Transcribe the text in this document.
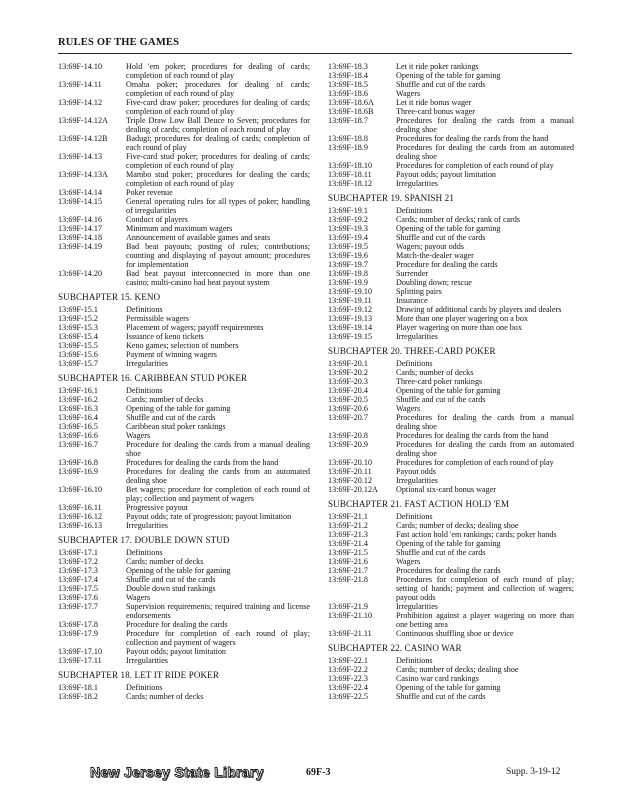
RULES OF THE GAMES
13:69F-14.10	Hold 'em poker; procedures for dealing of cards; completion of each round of play
13:69F-14.11	Omaha poker; procedures for dealing of cards; completion of each round of play
13:69F-14.12	Five-card draw poker; procedures for dealing of cards; completion of each round of play
13:69F-14.12A	Triple Draw Low Ball Deuce to Seven; procedures for dealing of cards; completion of each round of play
13:69F-14.12B	Badugi; procedures for dealing of cards; completion of each round of play
13:69F-14.13	Five-card stud poker; procedures for dealing of cards; completion of each round of play
13:69F-14.13A	Mambo stud poker; procedures for dealing the cards; completion of each round of play
13:69F-14.14	Poker revenue
13:69F-14.15	General operating rules for all types of poker; handling of irregularities
13:69F-14.16	Conduct of players
13:69F-14.17	Minimum and maximum wagers
13:69F-14.18	Announcement of available games and seats
13:69F-14.19	Bad beat payouts; posting of rules; contributions; counting and displaying of payout amount; procedures for implementation
13:69F-14.20	Bad beat payout interconnected in more than one casino; multi-casino bad beat payout system
SUBCHAPTER 15. KENO
13:69F-15.1	Definitions
13:69F-15.2	Permissible wagers
13:69F-15.3	Placement of wagers; payoff requirements
13:69F-15.4	Issuance of keno tickets
13:69F-15.5	Keno games; selection of numbers
13:69F-15.6	Payment of winning wagers
13:69F-15.7	Irregularities
SUBCHAPTER 16. CARIBBEAN STUD POKER
13:69F-16.1	Definitions
13:69F-16.2	Cards; number of decks
13:69F-16.3	Opening of the table for gaming
13:69F-16.4	Shuffle and cut of the cards
13:69F-16.5	Caribbean stud poker rankings
13:69F-16.6	Wagers
13:69F-16.7	Procedure for dealing the cards from a manual dealing shoe
13:69F-16.8	Procedures for dealing the cards from the hand
13:69F-16.9	Procedures for dealing the cards from an automated dealing shoe
13:69F-16.10	Bet wagers; procedure for completion of each round of play; collection and payment of wagers
13:69F-16.11	Progressive payout
13:69F-16.12	Payout odds; rate of progression; payout limitation
13:69F-16.13	Irregularities
SUBCHAPTER 17. DOUBLE DOWN STUD
13:69F-17.1	Definitions
13:69F-17.2	Cards; number of decks
13:69F-17.3	Opening of the table for gaming
13:69F-17.4	Shuffle and cut of the cards
13:69F-17.5	Double down stud rankings
13:69F-17.6	Wagers
13:69F-17.7	Supervision requirements; required training and license endorsements
13:69F-17.8	Procedure for dealing the cards
13:69F-17.9	Procedure for completion of each round of play; collection and payment of wagers
13:69F-17.10	Payout odds; payout limitation
13:69F-17.11	Irregularities
SUBCHAPTER 18. LET IT RIDE POKER
13:69F-18.1	Definitions
13:69F-18.2	Cards; number of decks
13:69F-18.3	Let it ride poker rankings
13:69F-18.4	Opening of the table for gaming
13:69F-18.5	Shuffle and cut of the cards
13:69F-18.6	Wagers
13:69F-18.6A	Let it ride bonus wager
13:69F-18.6B	Three-card bonus wager
13:69F-18.7	Procedures for dealing the cards from a manual dealing shoe
13:69F-18.8	Procedures for dealing the cards from the hand
13:69F-18.9	Procedures for dealing the cards from an automated dealing shoe
13:69F-18.10	Procedures for completion of each round of play
13:69F-18.11	Payout odds; payout limitation
13:69F-18.12	Irregularities
SUBCHAPTER 19. SPANISH 21
13:69F-19.1	Definitions
13:69F-19.2	Cards; number of decks; rank of cards
13:69F-19.3	Opening of the table for gaming
13:69F-19.4	Shuffle and cut of the cards
13:69F-19.5	Wagers; payout odds
13:69F-19.6	Match-the-dealer wager
13:69F-19.7	Procedure for dealing the cards
13:69F-19.8	Surrender
13:69F-19.9	Doubling down; rescue
13:69F-19.10	Splitting pairs
13:69F-19.11	Insurance
13:69F-19.12	Drawing of additional cards by players and dealers
13:69F-19.13	More than one player wagering on a box
13:69F-19.14	Player wagering on more than one box
13:69F-19.15	Irregularities
SUBCHAPTER 20. THREE-CARD POKER
13:69F-20.1	Definitions
13:69F-20.2	Cards; number of decks
13:69F-20.3	Three-card poker rankings
13:69F-20.4	Opening of the table for gaming
13:69F-20.5	Shuffle and cut of the cards
13:69F-20.6	Wagers
13:69F-20.7	Procedures for dealing the cards from a manual dealing shoe
13:69F-20.8	Procedures for dealing the cards from the hand
13:69F-20.9	Procedures for dealing the cards from an automated dealing shoe
13:69F-20.10	Procedures for completion of each round of play
13:69F-20.11	Payout odds
13:69F-20.12	Irregularities
13:69F-20.12A	Optional six-card bonus wager
SUBCHAPTER 21. FAST ACTION HOLD 'EM
13:69F-21.1	Definitions
13:69F-21.2	Cards; number of decks; dealing shoe
13:69F-21.3	Fast action hold 'em rankings; cards; poker hands
13:69F-21.4	Opening of the table for gaming
13:69F-21.5	Shuffle and cut of the cards
13:69F-21.6	Wagers
13:69F-21.7	Procedures for dealing the cards
13:69F-21.8	Procedures for completion of each round of play; setting of hands; payment and collection of wagers; payout odds
13:69F-21.9	Irregularities
13:69F-21.10	Prohibition against a player wagering on more than one betting area
13:69F-21.11	Continuous shuffling shoe or device
SUBCHAPTER 22. CASINO WAR
13:69F-22.1	Definitions
13:69F-22.2	Cards; number of decks; dealing shoe
13:69F-22.3	Casino war card rankings
13:69F-22.4	Opening of the table for gaming
13:69F-22.5	Shuffle and cut of the cards
New Jersey State Library	69F-3	Supp. 3-19-12
